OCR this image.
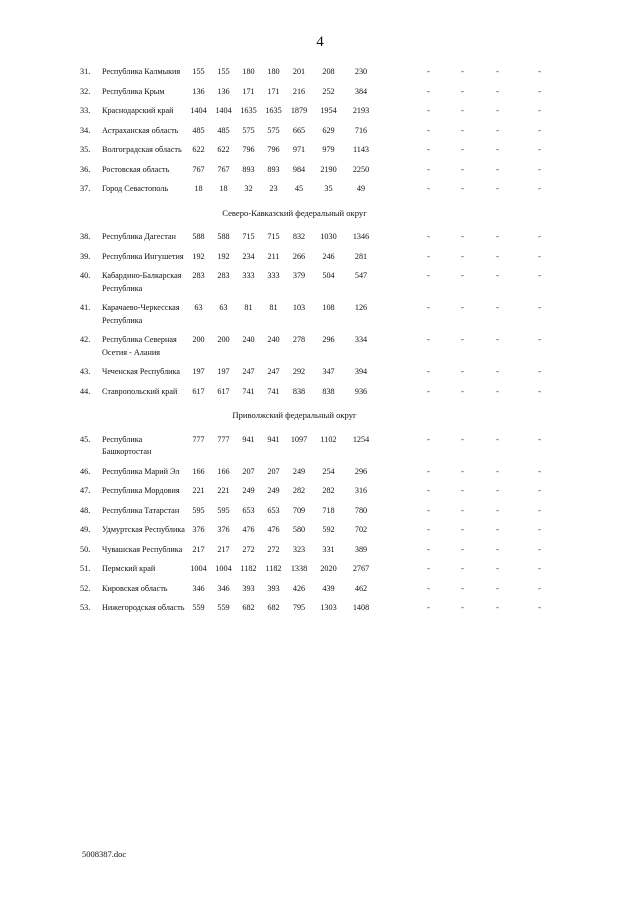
4
31.	Республика Калмыкия	155	155	180	180	201	208	230		-	-	-	-
32.	Республика Крым	136	136	171	171	216	252	384		-	-	-	-
33.	Краснодарский край	1404	1404	1635	1635	1879	1954	2193		-	-	-	-
34.	Астраханская область	485	485	575	575	665	629	716		-	-	-	-
35.	Волгоградская область	622	622	796	796	971	979	1143		-	-	-	-
36.	Ростовская область	767	767	893	893	984	2190	2250		-	-	-	-
37.	Город Севастополь	18	18	32	23	45	35	49		-	-	-	-
Северо-Кавказский федеральный округ													
38.	Республика Дагестан	588	588	715	715	832	1030	1346		-	-	-	-
39.	Республика Ингушетия	192	192	234	211	266	246	281		-	-	-	-
40.	Кабардино-Балкарская Республика	283	283	333	333	379	504	547		-	-	-	-
41.	Карачаево-Черкесская Республика	63	63	81	81	103	108	126		-	-	-	-
42.	Республика Северная Осетия - Алания	200	200	240	240	278	296	334		-	-	-	-
43.	Чеченская Республика	197	197	247	247	292	347	394		-	-	-	-
44.	Ставропольский край	617	617	741	741	838	838	936		-	-	-	-
Приволжский федеральный округ													
45.	Республика Башкортостан	777	777	941	941	1097	1102	1254		-	-	-	-
46.	Республика Марий Эл	166	166	207	207	249	254	296		-	-	-	-
47.	Республика Мордовия	221	221	249	249	282	282	316		-	-	-	-
48.	Республика Татарстан	595	595	653	653	709	718	780		-	-	-	-
49.	Удмуртская Республика	376	376	476	476	580	592	702		-	-	-	-
50.	Чувашская Республика	217	217	272	272	323	331	389		-	-	-	-
51.	Пермский край	1004	1004	1182	1182	1338	2020	2767		-	-	-	-
52.	Кировская область	346	346	393	393	426	439	462		-	-	-	-
53.	Нижегородская область	559	559	682	682	795	1303	1408		-	-	-	-
5008387.doc
